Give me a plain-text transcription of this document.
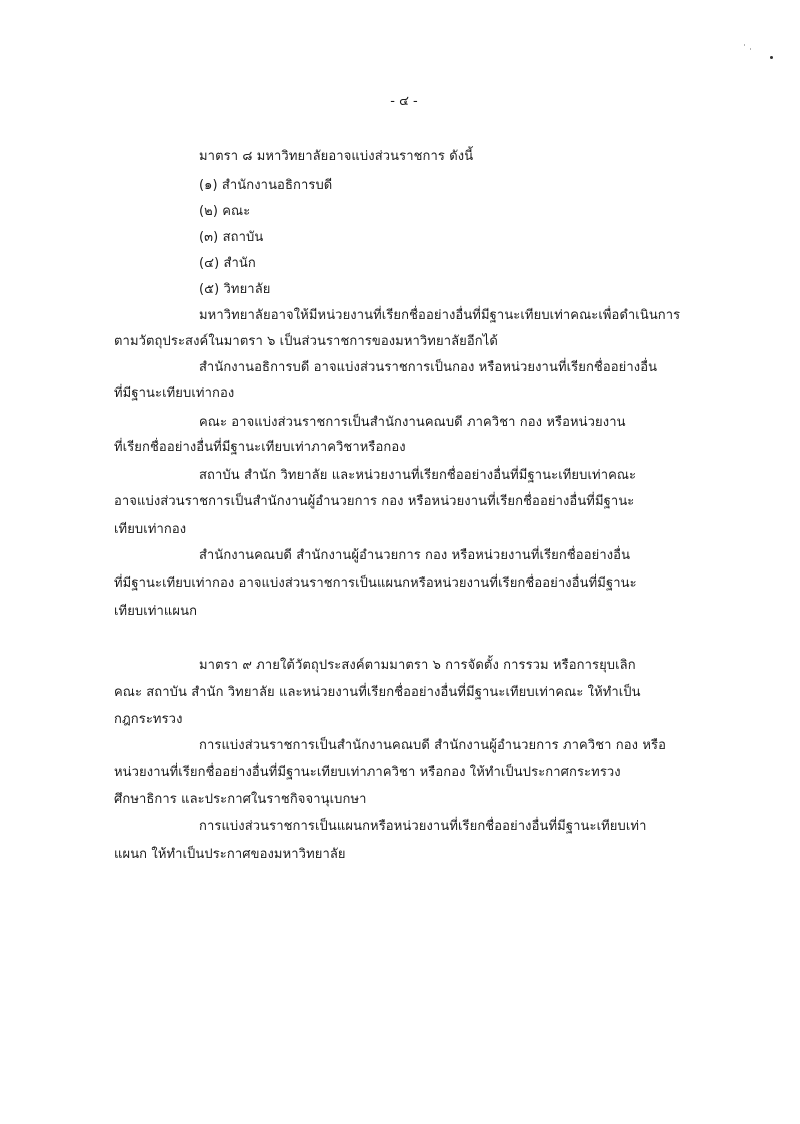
- ๔ -
มาตรา ๘ มหาวิทยาลัยอาจแบ่งส่วนราชการ ดังนี้
(๑) สำนักงานอธิการบดี
(๒) คณะ
(๓) สถาบัน
(๔) สำนัก
(๕) วิทยาลัย
มหาวิทยาลัยอาจให้มีหน่วยงานที่เรียกชื่ออย่างอื่นที่มีฐานะเทียบเท่าคณะเพื่อดำเนินการ
ตามวัตถุประสงค์ในมาตรา ๖ เป็นส่วนราชการของมหาวิทยาลัยอีกได้
สำนักงานอธิการบดี อาจแบ่งส่วนราชการเป็นกอง หรือหน่วยงานที่เรียกชื่ออย่างอื่น
ที่มีฐานะเทียบเท่ากอง
คณะ อาจแบ่งส่วนราชการเป็นสำนักงานคณบดี ภาควิชา กอง หรือหน่วยงาน
ที่เรียกชื่ออย่างอื่นที่มีฐานะเทียบเท่าภาควิชาหรือกอง
สถาบัน สำนัก วิทยาลัย และหน่วยงานที่เรียกชื่ออย่างอื่นที่มีฐานะเทียบเท่าคณะ
อาจแบ่งส่วนราชการเป็นสำนักงานผู้อำนวยการ กอง หรือหน่วยงานที่เรียกชื่ออย่างอื่นที่มีฐานะ
เทียบเท่ากอง
สำนักงานคณบดี สำนักงานผู้อำนวยการ กอง หรือหน่วยงานที่เรียกชื่ออย่างอื่น
ที่มีฐานะเทียบเท่ากอง อาจแบ่งส่วนราชการเป็นแผนกหรือหน่วยงานที่เรียกชื่ออย่างอื่นที่มีฐานะ
เทียบเท่าแผนก
มาตรา ๙ ภายใต้วัตถุประสงค์ตามมาตรา ๖ การจัดตั้ง การรวม หรือการยุบเลิก
คณะ สถาบัน สำนัก วิทยาลัย และหน่วยงานที่เรียกชื่ออย่างอื่นที่มีฐานะเทียบเท่าคณะ ให้ทำเป็น
กฎกระทรวง
การแบ่งส่วนราชการเป็นสำนักงานคณบดี สำนักงานผู้อำนวยการ ภาควิชา กอง หรือ
หน่วยงานที่เรียกชื่ออย่างอื่นที่มีฐานะเทียบเท่าภาควิชา หรือกอง ให้ทำเป็นประกาศกระทรวง
ศึกษาธิการ และประกาศในราชกิจจานุเบกษา
การแบ่งส่วนราชการเป็นแผนกหรือหน่วยงานที่เรียกชื่ออย่างอื่นที่มีฐานะเทียบเท่า
แผนก ให้ทำเป็นประกาศของมหาวิทยาลัย
